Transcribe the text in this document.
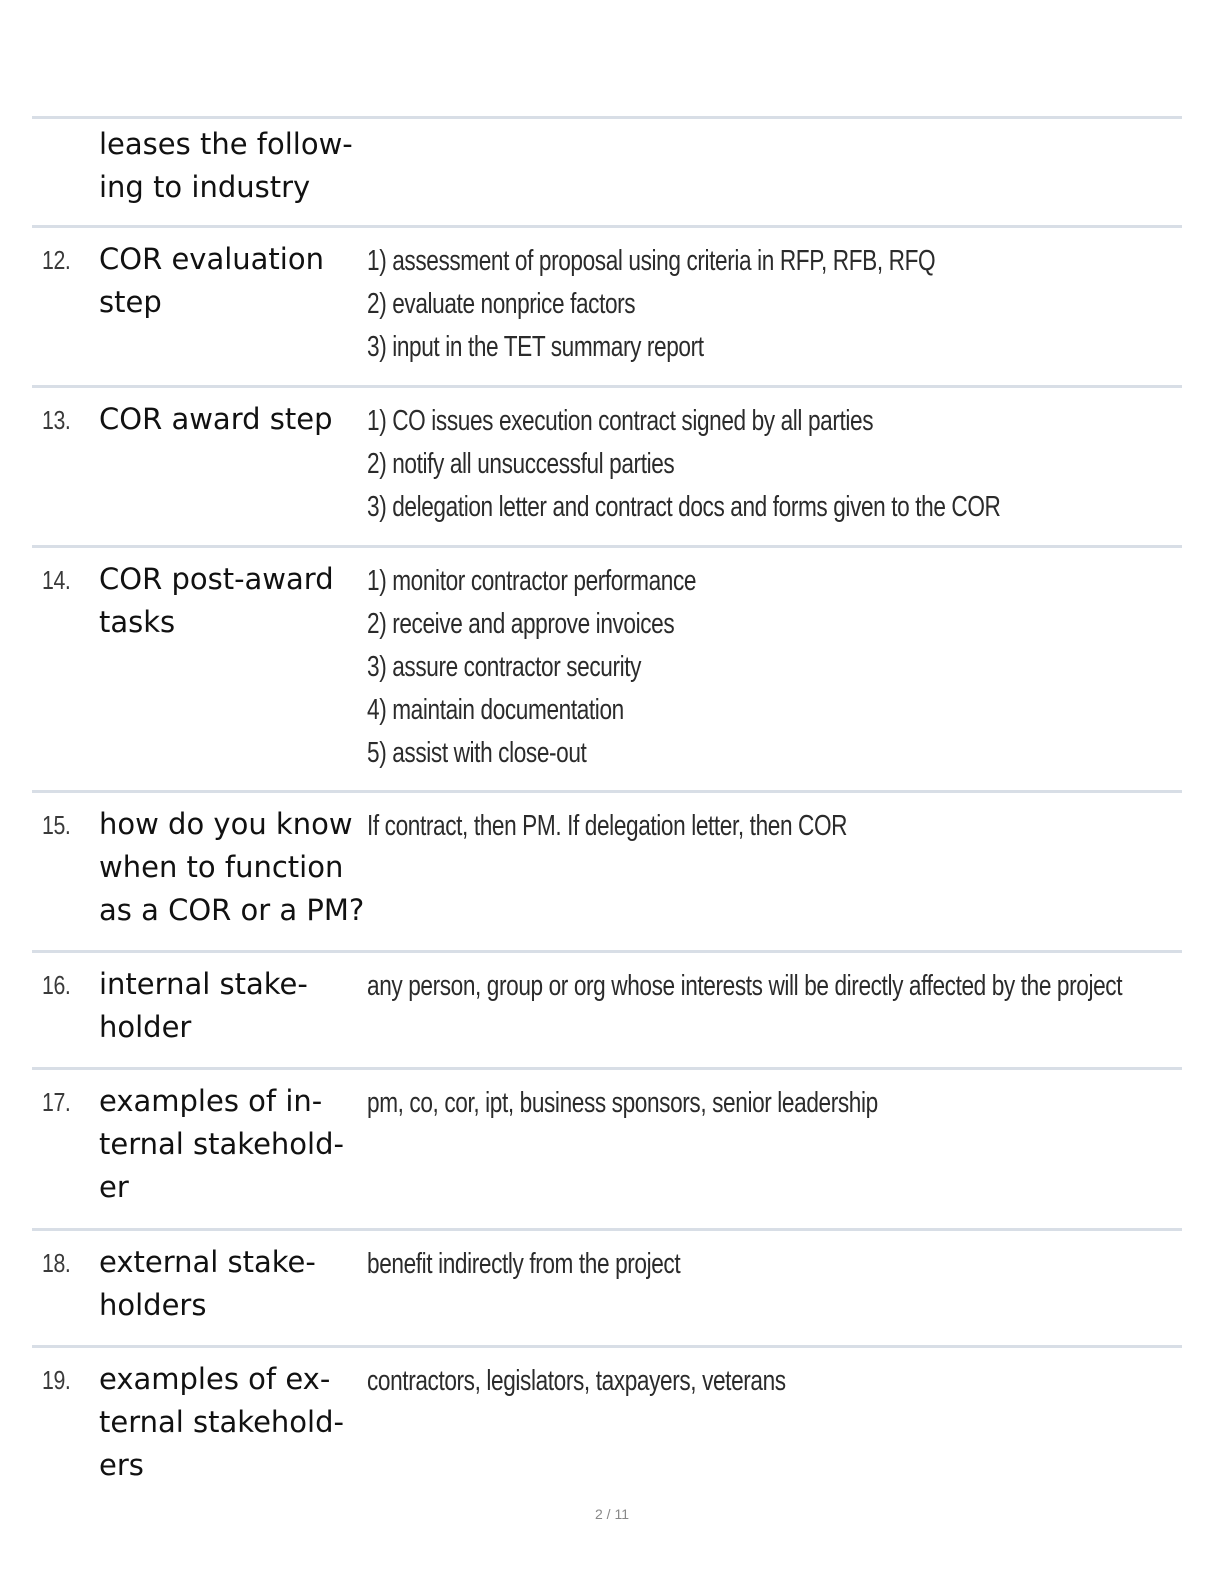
leases the follow-
ing to industry
12. COR evaluation
step
1) assessment of proposal using criteria in RFP, RFB, RFQ
2) evaluate nonprice factors
3) input in the TET summary report
13. COR award step	1) CO issues execution contract signed by all parties
2) notify all unsuccessful parties
3) delegation letter and contract docs and forms given to the COR
14. COR post-award
tasks
1) monitor contractor performance
2) receive and approve invoices
3) assure contractor security
4) maintain documentation
5) assist with close-out
15. how do you know
when to function
as a COR or a PM?
If contract, then PM. If delegation letter, then COR
16. internal stake-
holder
any person, group or org whose interests will be directly affected by the project
17. examples of in-
ternal stakehold-
er
pm, co, cor, ipt, business sponsors, senior leadership
18. external stake-
holders
benefit indirectly from the project
19. examples of ex-
ternal stakehold-
ers
contractors, legislators, taxpayers, veterans
2 / 11
